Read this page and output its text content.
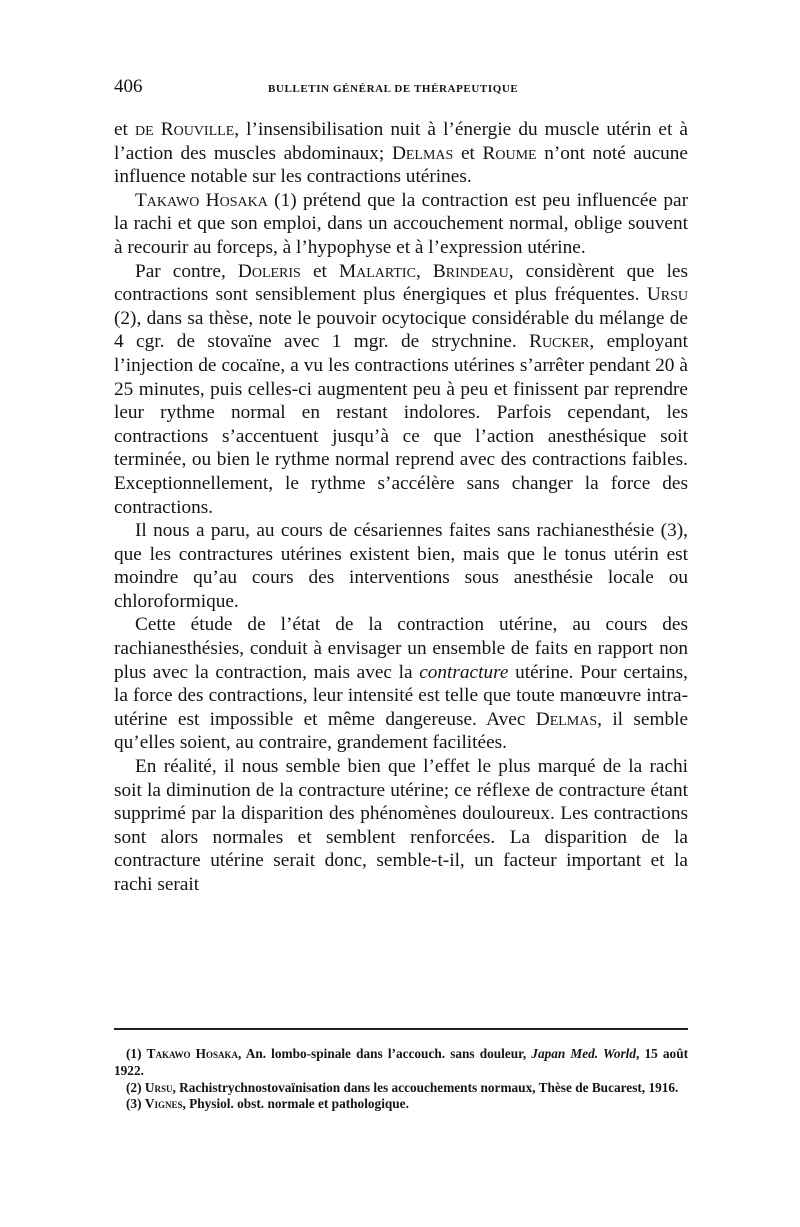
406	BULLETIN GÉNÉRAL DE THÉRAPEUTIQUE

et de Rouville, l’insensibilisation nuit à l’énergie du muscle utérin et à l’action des muscles abdominaux; Delmas et Roume n’ont noté aucune influence notable sur les contractions utérines.

Takawo Hosaka (1) prétend que la contraction est peu influencée par la rachi et que son emploi, dans un accouchement normal, oblige souvent à recourir au forceps, à l’hypophyse et à l’expression utérine.

Par contre, Doleris et Malartic, Brindeau, considèrent que les contractions sont sensiblement plus énergiques et plus fréquentes. Ursu (2), dans sa thèse, note le pouvoir ocytocique considérable du mélange de 4 cgr. de stovaïne avec 1 mgr. de strychnine. Rucker, employant l’injection de cocaïne, a vu les contractions utérines s’arrêter pendant 20 à 25 minutes, puis celles-ci augmentent peu à peu et finissent par reprendre leur rythme normal en restant indolores. Parfois cependant, les contractions s’accentuent jusqu’à ce que l’action anesthésique soit terminée, ou bien le rythme normal reprend avec des contractions faibles. Exceptionnellement, le rythme s’accélère sans changer la force des contractions.

Il nous a paru, au cours de césariennes faites sans rachianesthésie (3), que les contractures utérines existent bien, mais que le tonus utérin est moindre qu’au cours des interventions sous anesthésie locale ou chloroformique.

Cette étude de l’état de la contraction utérine, au cours des rachianesthésies, conduit à envisager un ensemble de faits en rapport non plus avec la contraction, mais avec la contracture utérine. Pour certains, la force des contractions, leur intensité est telle que toute manœuvre intra-utérine est impossible et même dangereuse. Avec Delmas, il semble qu’elles soient, au contraire, grandement facilitées.

En réalité, il nous semble bien que l’effet le plus marqué de la rachi soit la diminution de la contracture utérine; ce réflexe de contracture étant supprimé par la disparition des phénomènes douloureux. Les contractions sont alors normales et semblent renforcées. La disparition de la contracture utérine serait donc, semble-t-il, un facteur important et la rachi serait

(1) Takawo Hosaka, An. lombo-spinale dans l’accouch. sans douleur, Japan Med. World, 15 août 1922.

(2) Ursu, Rachistrychnostovaïnisation dans les accouchements normaux, Thèse de Bucarest, 1916.

(3) Vignes, Physiol. obst. normale et pathologique.
